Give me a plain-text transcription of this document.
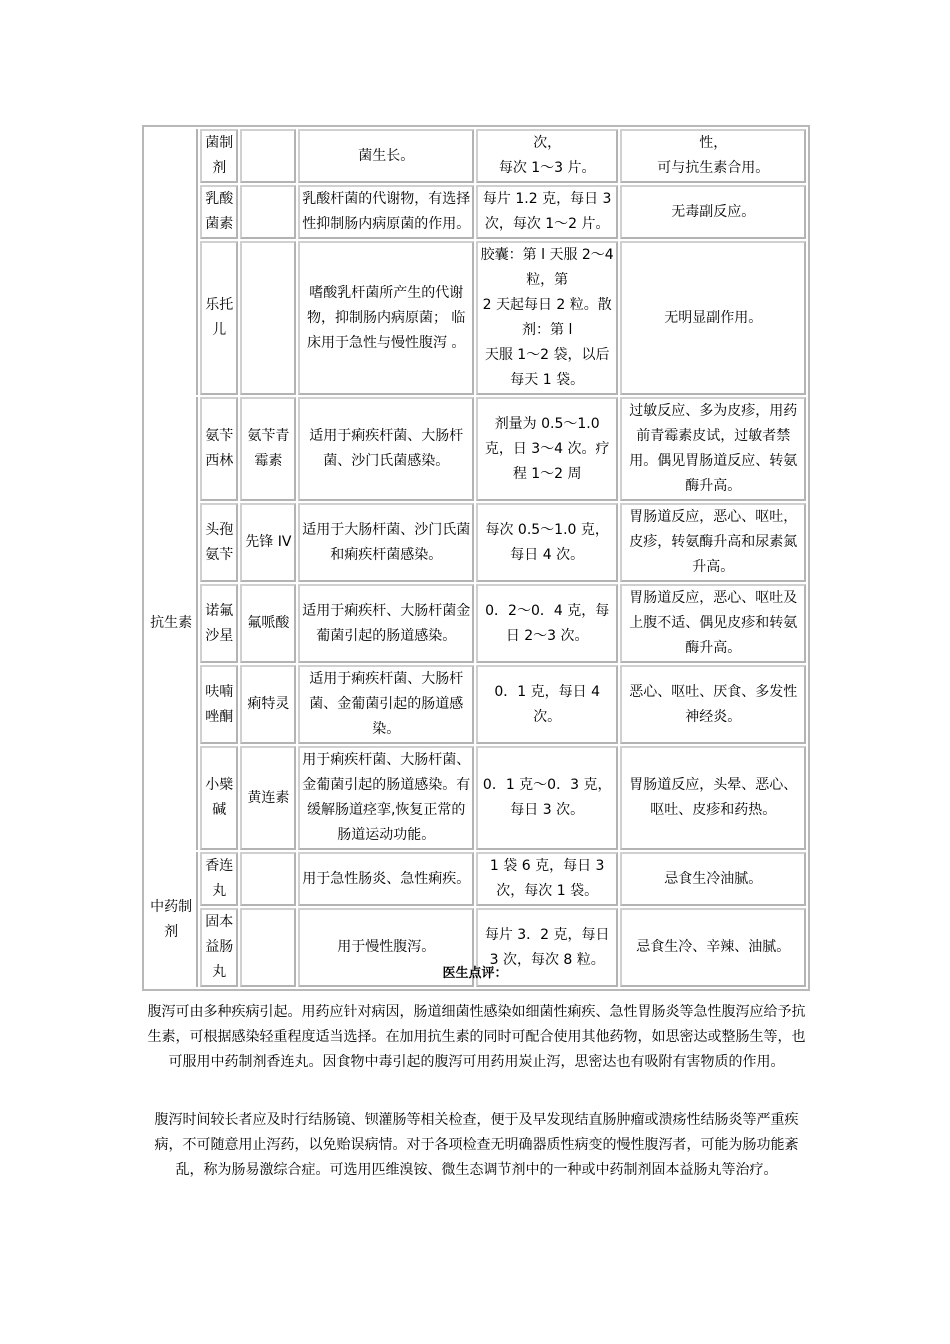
	菌制剂		菌生长。	次，
每次 1～3 片。	性，
可与抗生素合用。
	乳酸菌素		乳酸杆菌的代谢物，有选择性抑制肠内病原菌的作用。	每片 1.2 克，每日 3 次，每次 1～2 片。	无毒副反应。
	乐托儿		嗜酸乳杆菌所产生的代谢物，抑制肠内病原菌； 临床用于急性与慢性腹泻 。	胶囊：第 l 天服 2～4 粒，第
2 天起每日 2 粒。散剂：第 l
天服 1～2 袋，以后每天 1 袋。	无明显副作用。
抗生素	氨苄西林	氨苄青霉素	适用于痢疾杆菌、大肠杆菌、沙门氏菌感染。	剂量为 0.5～1.0 克，日 3～4 次。疗程 1～2 周	过敏反应、多为皮疹，用药前青霉素皮试，过敏者禁用。偶见胃肠道反应、转氨酶升高。
	头孢氨苄	先锋 IV	适用于大肠杆菌、沙门氏菌和痢疾杆菌感染。	每次 0.5～1.0 克，每日 4 次。	胃肠道反应，恶心、呕吐，皮疹，转氨酶升高和尿素氮升高。
	诺氟沙星	氟哌酸	适用于痢疾杆、大肠杆菌金葡菌引起的肠道感染。	0．2～0．4 克，每日 2～3 次。	胃肠道反应，恶心、呕吐及上腹不适、偶见皮疹和转氨酶升高。
	呋喃唑酮	痢特灵	适用于痢疾杆菌、大肠杆菌、金葡菌引起的肠道感染。	0．1 克，每日 4 次。	恶心、呕吐、厌食、多发性神经炎。
	小檗碱	黄连素	用于痢疾杆菌、大肠杆菌、金葡菌引起的肠道感染。有缓解肠道痉挛,恢复正常的肠道运动功能。	0．1 克～0．3 克，每日 3 次。	胃肠道反应，头晕、恶心、呕吐、皮疹和药热。
中药制剂	香连丸		用于急性肠炎、急性痢疾。	1 袋 6 克，每日 3 次，每次 1 袋。	忌食生冷油腻。
	固本益肠丸		用于慢性腹泻。	每片 3．2 克，每日 3 次，每次 8 粒。	忌食生冷、辛辣、油腻。
医生点评：
腹泻可由多种疾病引起。用药应针对病因，肠道细菌性感染如细菌性痢疾、急性胃肠炎等急性腹泻应给予抗生素，可根据感染轻重程度适当选择。在加用抗生素的同时可配合使用其他药物，如思密达或整肠生等，也可服用中药制剂香连丸。因食物中毒引起的腹泻可用药用炭止泻，思密达也有吸附有害物质的作用。
腹泻时间较长者应及时行结肠镜、钡灌肠等相关检查，便于及早发现结直肠肿瘤或溃疡性结肠炎等严重疾病，不可随意用止泻药，以免贻误病情。对于各项检查无明确器质性病变的慢性腹泻者，可能为肠功能紊乱，称为肠易激综合症。可选用匹维溴铵、微生态调节剂中的一种或中药制剂固本益肠丸等治疗。
